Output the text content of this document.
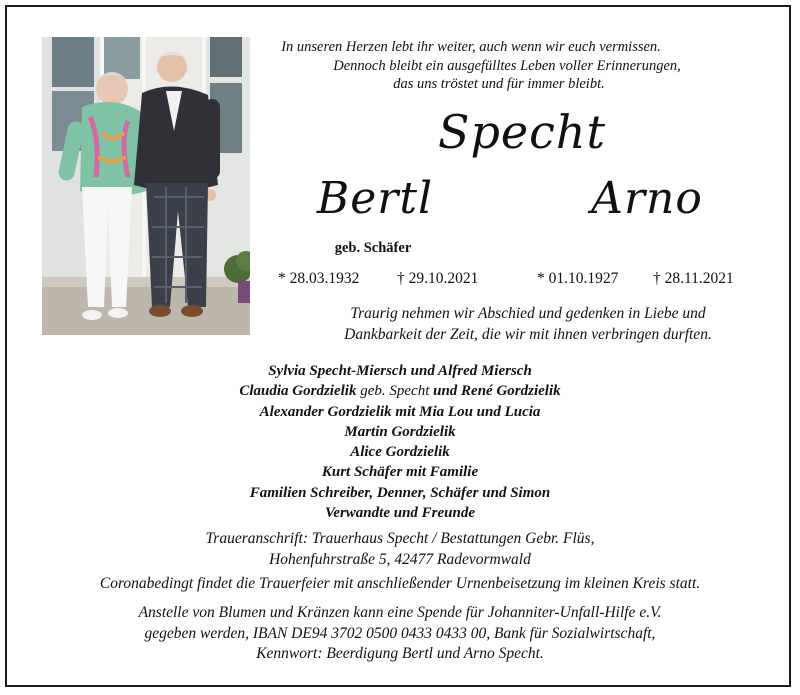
In unseren Herzen lebt ihr weiter, auch wenn wir euch vermissen.
Dennoch bleibt ein ausgefülltes Leben voller Erinnerungen,
das uns tröstet und für immer bleibt.
Specht
Bertl	Arno
geb. Schäfer
* 28.03.1932 † 29.10.2021	* 01.10.1927 † 28.11.2021
Traurig nehmen wir Abschied und gedenken in Liebe und
Dankbarkeit der Zeit, die wir mit ihnen verbringen durften.
Sylvia Specht-Miersch und Alfred Miersch
Claudia Gordzielik geb. Specht und René Gordzielik
Alexander Gordzielik mit Mia Lou und Lucia
Martin Gordzielik
Alice Gordzielik
Kurt Schäfer mit Familie
Familien Schreiber, Denner, Schäfer und Simon
Verwandte und Freunde
Traueranschrift: Trauerhaus Specht / Bestattungen Gebr. Flüs,
Hohenfuhrstraße 5, 42477 Radevormwald
Coronabedingt findet die Trauerfeier mit anschließender Urnenbeisetzung im kleinen Kreis statt.
Anstelle von Blumen und Kränzen kann eine Spende für Johanniter-Unfall-Hilfe e.V.
gegeben werden, IBAN DE94 3702 0500 0433 0433 00, Bank für Sozialwirtschaft,
Kennwort: Beerdigung Bertl und Arno Specht.
